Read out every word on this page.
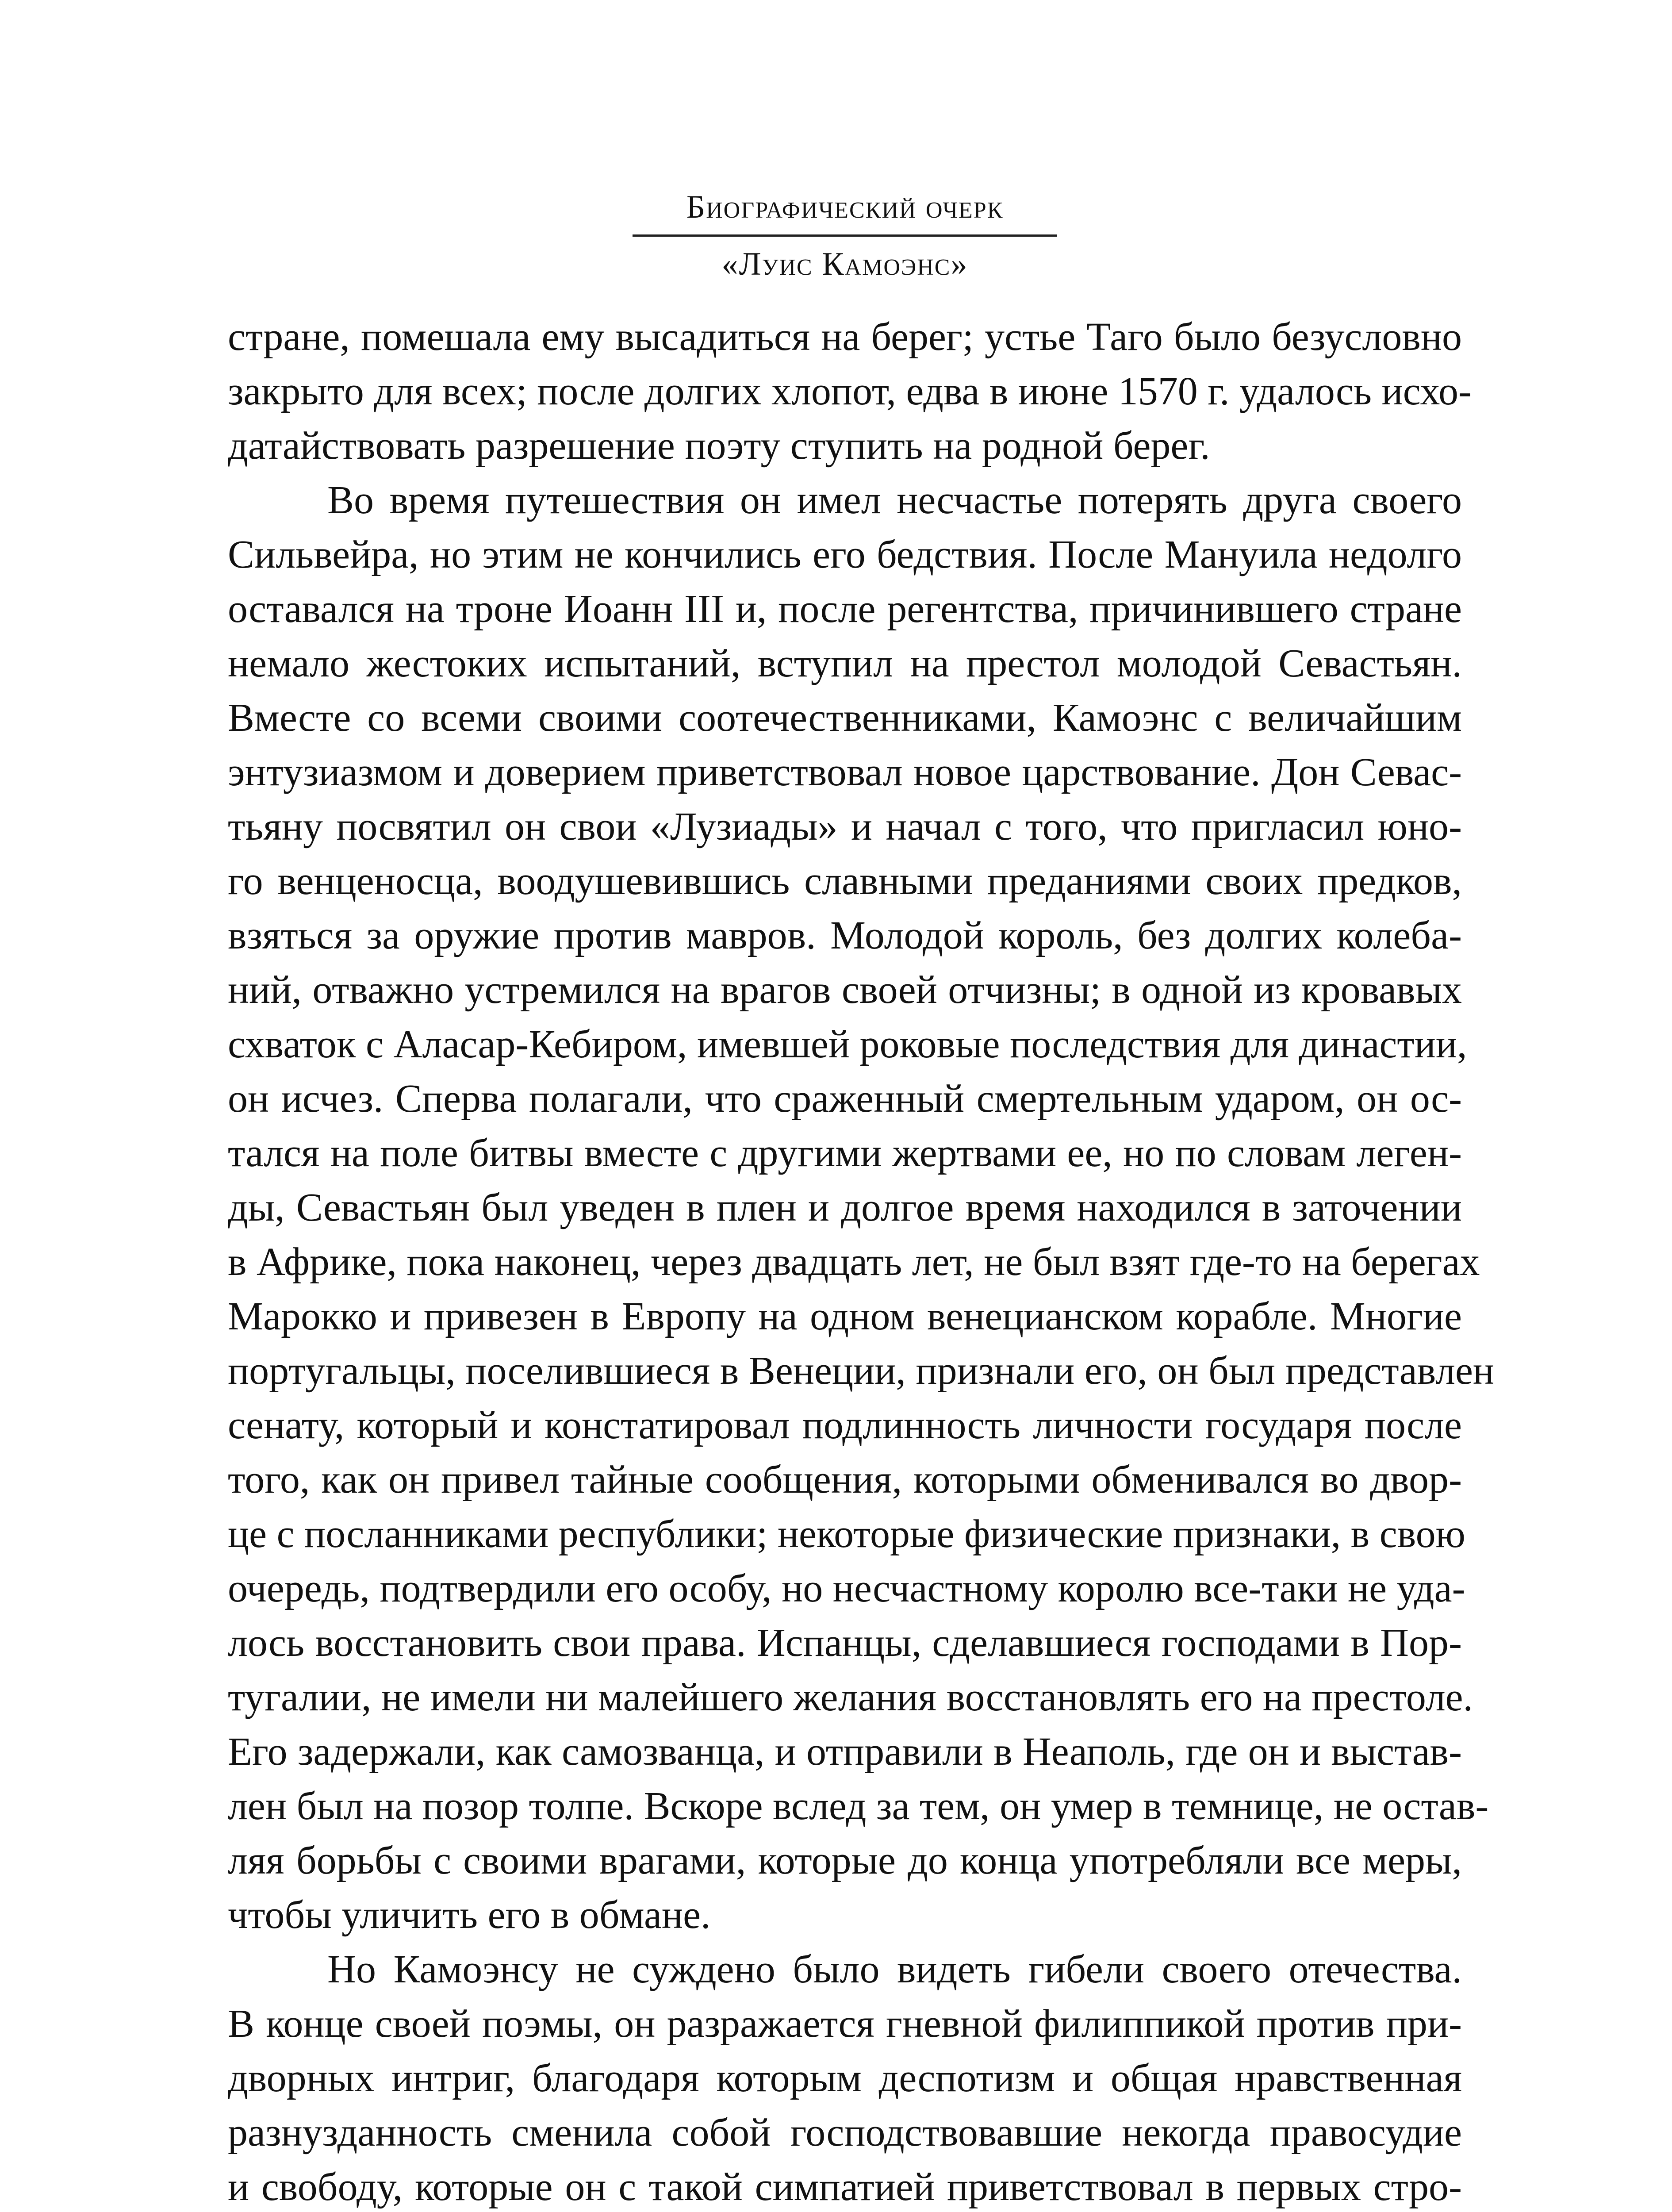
Биографический очерк
«Луис Камоэнс»
стране, помешала ему высадиться на берег; устье Таго было безусловно
закрыто для всех; после долгих хлопот, едва в июне 1570 г. удалось исхо-
датайствовать разрешение поэту ступить на родной берег.
Во время путешествия он имел несчастье потерять друга своего
Сильвейра, но этим не кончились его бедствия. После Мануила недолго
оставался на троне Иоанн III и, после регентства, причинившего стране
немало жестоких испытаний, вступил на престол молодой Севастьян.
Вместе со всеми своими соотечественниками, Камоэнс с величайшим
энтузиазмом и доверием приветствовал новое царствование. Дон Севас-
тьяну посвятил он свои «Лузиады» и начал с того, что пригласил юно-
го венценосца, воодушевившись славными преданиями своих предков,
взяться за оружие против мавров. Молодой король, без долгих колеба-
ний, отважно устремился на врагов своей отчизны; в одной из кровавых
схваток с Аласар-Кебиром, имевшей роковые последствия для династии,
он исчез. Сперва полагали, что сраженный смертельным ударом, он ос-
тался на поле битвы вместе с другими жертвами ее, но по словам леген-
ды, Севастьян был уведен в плен и долгое время находился в заточении
в Африке, пока наконец, через двадцать лет, не был взят где-то на берегах
Марокко и привезен в Европу на одном венецианском корабле. Многие
португальцы, поселившиеся в Венеции, признали его, он был представлен
сенату, который и констатировал подлинность личности государя после
того, как он привел тайные сообщения, которыми обменивался во двор-
це с посланниками республики; некоторые физические признаки, в свою
очередь, подтвердили его особу, но несчастному королю все-таки не уда-
лось восстановить свои права. Испанцы, сделавшиеся господами в Пор-
тугалии, не имели ни малейшего желания восстановлять его на престоле.
Его задержали, как самозванца, и отправили в Неаполь, где он и выстав-
лен был на позор толпе. Вскоре вслед за тем, он умер в темнице, не остав-
ляя борьбы с своими врагами, которые до конца употребляли все меры,
чтобы уличить его в обмане.
Но Камоэнсу не суждено было видеть гибели своего отечества.
В конце своей поэмы, он разражается гневной филиппикой против при-
дворных интриг, благодаря которым деспотизм и общая нравственная
разнузданность сменила собой господствовавшие некогда правосудие
и свободу, которые он с такой симпатией приветствовал в первых стро-
